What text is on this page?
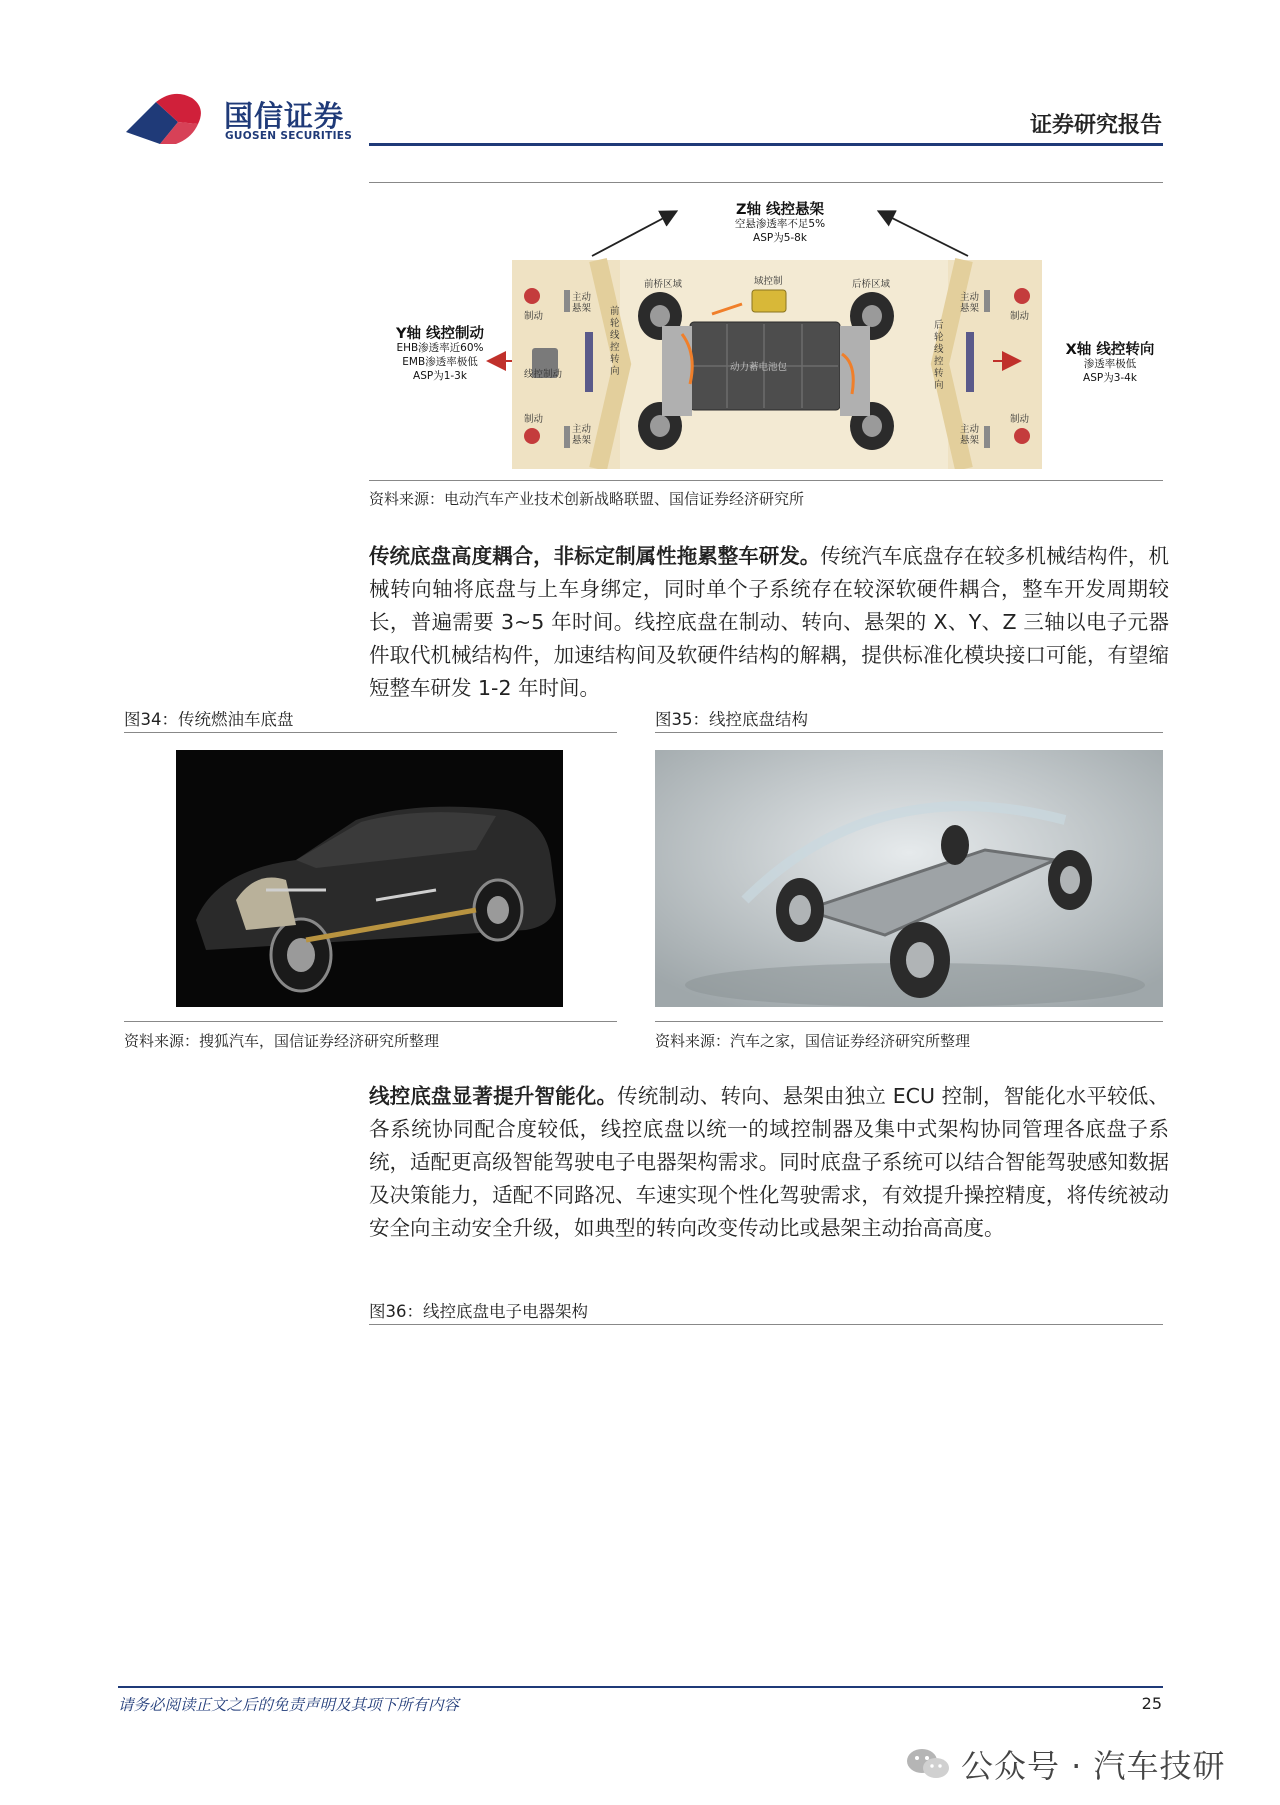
国信证券
GUOSEN SECURITIES	证券研究报告
前桥区域	域控制	后桥区域
制动
制动
制动
制动
线控制动
动力蓄电池包
主动
悬架
主动
悬架
主动
悬架
主动
悬架
前
轮
线
控
转
向
后
轮
线
控
转
向
Z轴 线控悬架
空悬渗透率不足5%
ASP为5-8k
Y轴 线控制动
EHB渗透率近60%
EMB渗透率极低
ASP为1-3k
X轴 线控转向
渗透率极低
ASP为3-4k
资料来源：电动汽车产业技术创新战略联盟、国信证券经济研究所
传统底盘高度耦合，非标定制属性拖累整车研发。传统汽车底盘存在较多机械结构件，机械转向轴将底盘与上车身绑定，同时单个子系统存在较深软硬件耦合，整车开发周期较长，普遍需要 3~5 年时间。线控底盘在制动、转向、悬架的 X、Y、Z 三轴以电子元器件取代机械结构件，加速结构间及软硬件结构的解耦，提供标准化模块接口可能，有望缩短整车研发 1-2 年时间。
图34：传统燃油车底盘	图35：线控底盘结构
资料来源：搜狐汽车，国信证券经济研究所整理	资料来源：汽车之家，国信证券经济研究所整理
线控底盘显著提升智能化。传统制动、转向、悬架由独立 ECU 控制，智能化水平较低、各系统协同配合度较低，线控底盘以统一的域控制器及集中式架构协同管理各底盘子系统，适配更高级智能驾驶电子电器架构需求。同时底盘子系统可以结合智能驾驶感知数据及决策能力，适配不同路况、车速实现个性化驾驶需求，有效提升操控精度，将传统被动安全向主动安全升级，如典型的转向改变传动比或悬架主动抬高高度。
图36：线控底盘电子电器架构
请务必阅读正文之后的免责声明及其项下所有内容	25
公众号 · 汽车技研
